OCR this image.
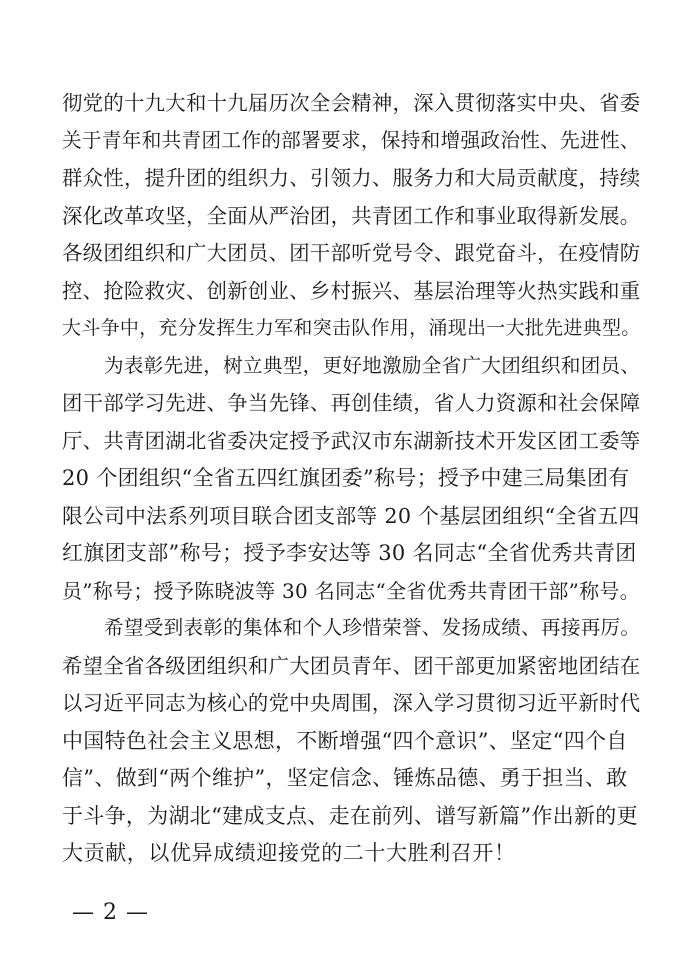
彻党的十九大和十九届历次全会精神，深入贯彻落实中央、省委
关于青年和共青团工作的部署要求，保持和增强政治性、先进性、
群众性，提升团的组织力、引领力、服务力和大局贡献度，持续
深化改革攻坚，全面从严治团，共青团工作和事业取得新发展。
各级团组织和广大团员、团干部听党号令、跟党奋斗，在疫情防
控、抢险救灾、创新创业、乡村振兴、基层治理等火热实践和重
大斗争中，充分发挥生力军和突击队作用，涌现出一大批先进典型。
为表彰先进，树立典型，更好地激励全省广大团组织和团员、
团干部学习先进、争当先锋、再创佳绩，省人力资源和社会保障
厅、共青团湖北省委决定授予武汉市东湖新技术开发区团工委等
20 个团组织“全省五四红旗团委”称号；授予中建三局集团有
限公司中法系列项目联合团支部等 20 个基层团组织“全省五四
红旗团支部”称号；授予李安达等 30 名同志“全省优秀共青团
员”称号；授予陈晓波等 30 名同志“全省优秀共青团干部”称号。
希望受到表彰的集体和个人珍惜荣誉、发扬成绩、再接再厉。
希望全省各级团组织和广大团员青年、团干部更加紧密地团结在
以习近平同志为核心的党中央周围，深入学习贯彻习近平新时代
中国特色社会主义思想，不断增强“四个意识”、坚定“四个自
信”、做到“两个维护”，坚定信念、锤炼品德、勇于担当、敢
于斗争，为湖北“建成支点、走在前列、谱写新篇”作出新的更
大贡献，以优异成绩迎接党的二十大胜利召开！
— 2 —
